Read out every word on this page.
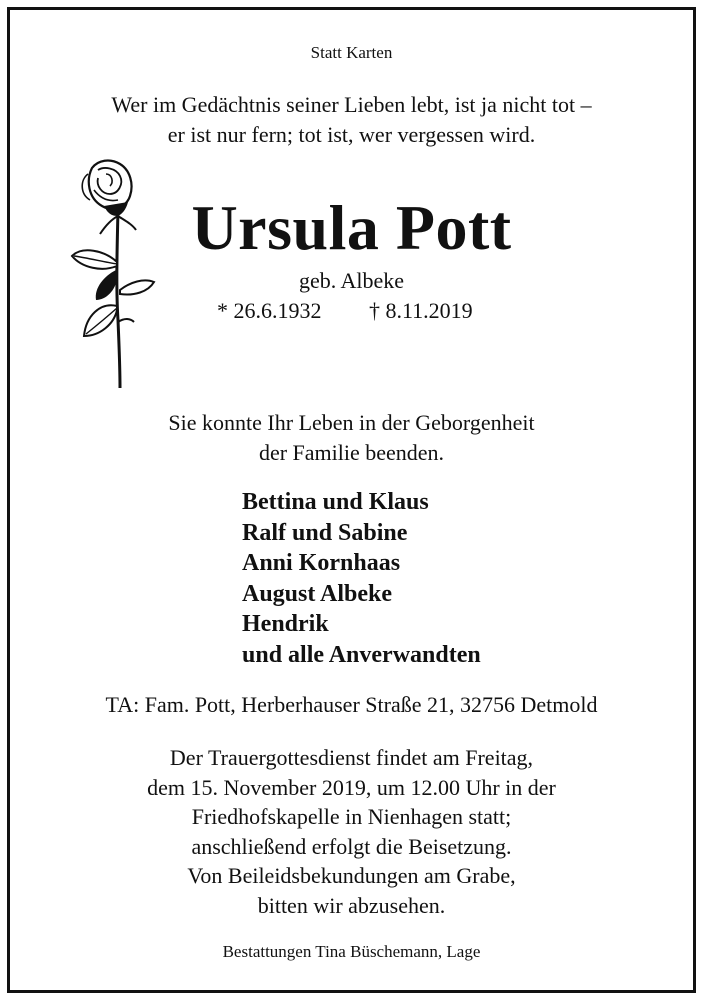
Statt Karten
Wer im Gedächtnis seiner Lieben lebt, ist ja nicht tot –
er ist nur fern; tot ist, wer vergessen wird.
Ursula Pott
geb. Albeke
* 26.6.1932 † 8.11.2019
Sie konnte Ihr Leben in der Geborgenheit
der Familie beenden.
Bettina und Klaus
Ralf und Sabine
Anni Kornhaas
August Albeke
Hendrik
und alle Anverwandten
TA: Fam. Pott, Herberhauser Straße 21, 32756 Detmold
Der Trauergottesdienst findet am Freitag,
dem 15. November 2019, um 12.00 Uhr in der
Friedhofskapelle in Nienhagen statt;
anschließend erfolgt die Beisetzung.
Von Beileidsbekundungen am Grabe,
bitten wir abzusehen.
Bestattungen Tina Büschemann, Lage
